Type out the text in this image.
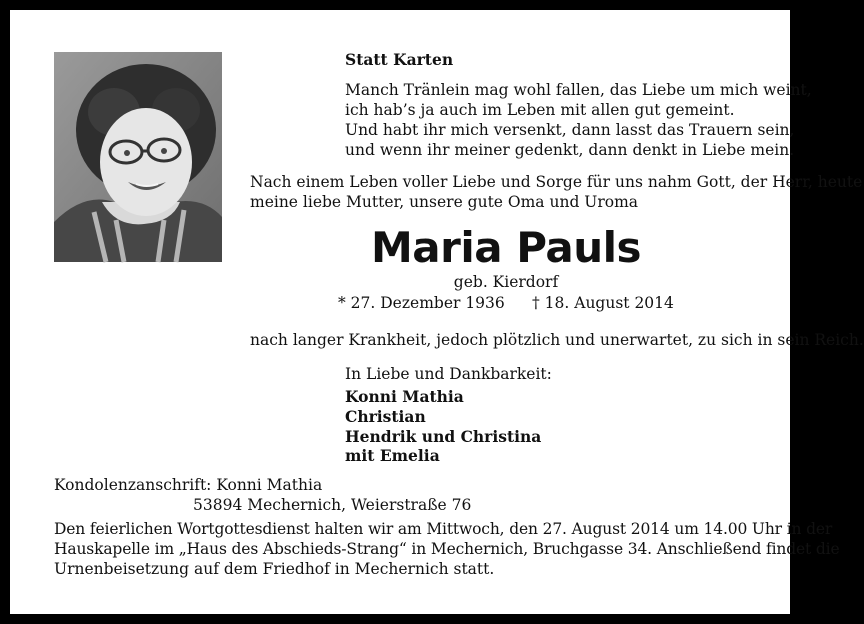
Statt Karten
Manch Tränlein mag wohl fallen, das Liebe um mich weint,
ich hab’s ja auch im Leben mit allen gut gemeint.
Und habt ihr mich versenkt, dann lasst das Trauern sein,
und wenn ihr meiner gedenkt, dann denkt in Liebe mein.
Nach einem Leben voller Liebe und Sorge für uns nahm Gott, der Herr, heute
meine liebe Mutter, unsere gute Oma und Uroma
Maria Pauls
geb. Kierdorf
* 27. Dezember 1936 † 18. August 2014
nach langer Krankheit, jedoch plötzlich und unerwartet, zu sich in sein Reich.
In Liebe und Dankbarkeit:
Konni Mathia
Christian
Hendrik und Christina
mit Emelia
Kondolenzanschrift: Konni Mathia
53894 Mechernich, Weierstraße 76
Den feierlichen Wortgottesdienst halten wir am Mittwoch, den 27. August 2014 um 14.00 Uhr in der
Hauskapelle im „Haus des Abschieds-Strang“ in Mechernich, Bruchgasse 34. Anschließend findet die
Urnenbeisetzung auf dem Friedhof in Mechernich statt.
